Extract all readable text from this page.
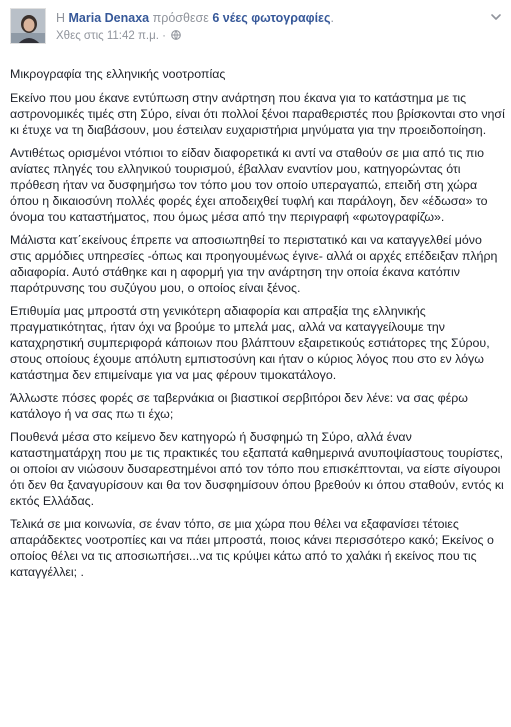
Η Maria Denaxa πρόσθεσε 6 νέες φωτογραφίες.
Χθες στις 11:42 π.μ. ·

Μικρογραφία της ελληνικής νοοτροπίας

Εκείνο που μου έκανε εντύπωση στην ανάρτηση που έκανα για το κατάστημα με τις αστρονομικές τιμές στη Σύρο, είναι ότι πολλοί ξένοι παραθεριστές που βρίσκονται στο νησί κι έτυχε να τη διαβάσουν, μου έστειλαν ευχαριστήρια μηνύματα για την προειδοποίηση.

Αντιθέτως ορισμένοι ντόπιοι το είδαν διαφορετικά κι αντί να σταθούν σε μια από τις πιο ανίατες πληγές του ελληνικού τουρισμού, έβαλλαν εναντίον μου, κατηγορώντας ότι πρόθεση ήταν να δυσφημήσω τον τόπο μου τον οποίο υπεραγαπώ, επειδή στη χώρα όπου η δικαιοσύνη πολλές φορές έχει αποδειχθεί τυφλή και παράλογη, δεν «έδωσα» το όνομα του καταστήματος, που όμως μέσα από την περιγραφή «φωτογραφίζω».

Μάλιστα κατ΄εκείνους έπρεπε να αποσιωπηθεί το περιστατικό και να καταγγελθεί μόνο στις αρμόδιες υπηρεσίες -όπως και προηγουμένως έγινε- αλλά οι αρχές επέδειξαν πλήρη αδιαφορία. Αυτό στάθηκε και η αφορμή για την ανάρτηση την οποία έκανα κατόπιν παρότρυνσης του συζύγου μου, ο οποίος είναι ξένος.

Επιθυμία μας μπροστά στη γενικότερη αδιαφορία και απραξία της ελληνικής πραγματικότητας, ήταν όχι να βρούμε το μπελά μας, αλλά να καταγγείλουμε την καταχρηστική συμπεριφορά κάποιων που βλάπτουν εξαιρετικούς εστιάτορες της Σύρου, στους οποίους έχουμε απόλυτη εμπιστοσύνη και ήταν ο κύριος λόγος που στο εν λόγω κατάστημα δεν επιμείναμε για να μας φέρουν τιμοκατάλογο.

Άλλωστε πόσες φορές σε ταβερνάκια οι βιαστικοί σερβιτόροι δεν λένε: να σας φέρω κατάλογο ή να σας πω τι έχω;

Πουθενά μέσα στο κείμενο δεν κατηγορώ ή δυσφημώ τη Σύρο, αλλά έναν καταστηματάρχη που με τις πρακτικές του εξαπατά καθημερινά ανυποψίαστους τουρίστες, οι οποίοι αν νιώσουν δυσαρεστημένοι από τον τόπο που επισκέπτονται, να είστε σίγουροι ότι δεν θα ξαναγυρίσουν και θα τον δυσφημίσουν όπου βρεθούν κι όπου σταθούν, εντός κι εκτός Ελλάδας.

Τελικά σε μια κοινωνία, σε έναν τόπο, σε μια χώρα που θέλει να εξαφανίσει τέτοιες απαράδεκτες νοοτροπίες και να πάει μπροστά, ποιος κάνει περισσότερο κακό; Εκείνος ο οποίος θέλει να τις αποσιωπήσει...να τις κρύψει κάτω από το χαλάκι ή εκείνος που τις καταγγέλλει; .
